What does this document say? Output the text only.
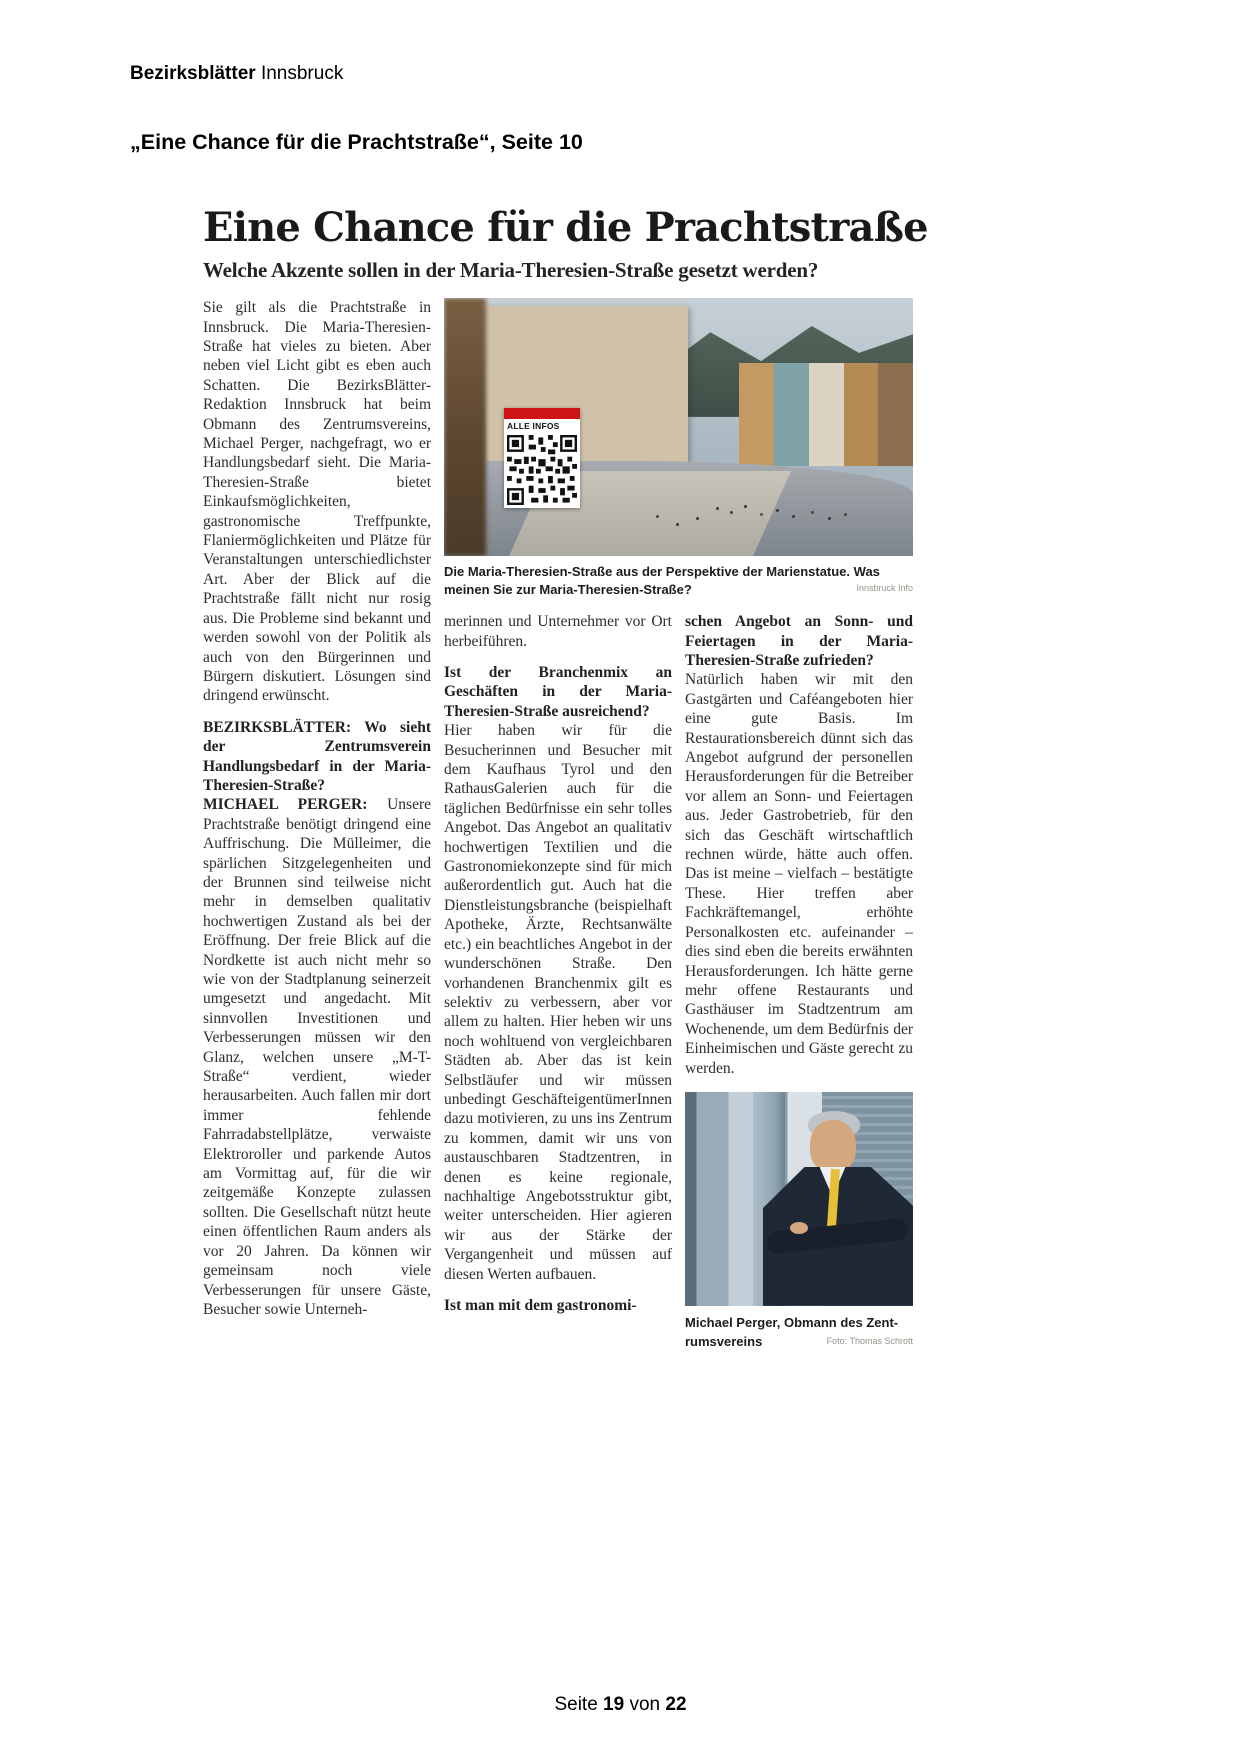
Bezirksblätter Innsbruck
„Eine Chance für die Prachtstraße“, Seite 10
Eine Chance für die Prachtstraße
Welche Akzente sollen in der Maria-Theresien-Straße gesetzt werden?

Sie gilt als die Prachtstraße in Innsbruck. Die Maria-Theresien-Straße hat vieles zu bieten. Aber neben viel Licht gibt es eben auch Schatten. Die BezirksBlätter-Redaktion Innsbruck hat beim Obmann des Zentrumsvereins, Michael Perger, nachgefragt, wo er Handlungsbedarf sieht. Die Maria-Theresien-Straße bietet Einkaufsmöglichkeiten, gastronomische Treffpunkte, Flaniermöglichkeiten und Plätze für Veranstaltungen unterschiedlichster Art. Aber der Blick auf die Prachtstraße fällt nicht nur rosig aus. Die Probleme sind bekannt und werden sowohl von der Politik als auch von den Bürgerinnen und Bürgern diskutiert. Lösungen sind dringend erwünscht.

BEZIRKSBLÄTTER: Wo sieht der Zentrumsverein Handlungsbedarf in der Maria-Theresien-Straße?

MICHAEL PERGER: Unsere Prachtstraße benötigt dringend eine Auffrischung. Die Mülleimer, die spärlichen Sitzgelegenheiten und der Brunnen sind teilweise nicht mehr in demselben qualitativ hochwertigen Zustand als bei der Eröffnung. Der freie Blick auf die Nordkette ist auch nicht mehr so wie von der Stadtplanung seinerzeit umgesetzt und angedacht. Mit sinnvollen Investitionen und Verbesserungen müssen wir den Glanz, welchen unsere „M-T-Straße“ verdient, wieder herausarbeiten. Auch fallen mir dort immer fehlende Fahrradabstellplätze, verwaiste Elektroroller und parkende Autos am Vormittag auf, für die wir zeitgemäße Konzepte zulassen sollten. Die Gesellschaft nützt heute einen öffentlichen Raum anders als vor 20 Jahren. Da können wir gemeinsam noch viele Verbesserungen für unsere Gäste, Besucher sowie Unterneh-

ALLE INFOS
Die Maria-Theresien-Straße aus der Perspektive der Marienstatue. Was
meinen Sie zur Maria-Theresien-Straße?	Innsbruck Info

merinnen und Unternehmer vor Ort herbeiführen.

Ist der Branchenmix an Geschäften in der Maria-Theresien-Straße ausreichend?

Hier haben wir für die Besucherinnen und Besucher mit dem Kaufhaus Tyrol und den RathausGalerien auch für die täglichen Bedürfnisse ein sehr tolles Angebot. Das Angebot an qualitativ hochwertigen Textilien und die Gastronomiekonzepte sind für mich außerordentlich gut. Auch hat die Dienstleistungsbranche (beispielhaft Apotheke, Ärzte, Rechtsanwälte etc.) ein beachtliches Angebot in der wunderschönen Straße. Den vorhandenen Branchenmix gilt es selektiv zu verbessern, aber vor allem zu halten. Hier heben wir uns noch wohltuend von vergleichbaren Städten ab. Aber das ist kein Selbstläufer und wir müssen unbedingt GeschäfteigentümerInnen dazu motivieren, zu uns ins Zentrum zu kommen, damit wir uns von austauschbaren Stadtzentren, in denen es keine regionale, nachhaltige Angebotsstruktur gibt, weiter unterscheiden. Hier agieren wir aus der Stärke der Vergangenheit und müssen auf diesen Werten aufbauen.

Ist man mit dem gastronomi-

schen Angebot an Sonn- und Feiertagen in der Maria-Theresien-Straße zufrieden?

Natürlich haben wir mit den Gastgärten und Caféangeboten hier eine gute Basis. Im Restaurationsbereich dünnt sich das Angebot aufgrund der personellen Herausforderungen für die Betreiber vor allem an Sonn- und Feiertagen aus. Jeder Gastrobetrieb, für den sich das Geschäft wirtschaftlich rechnen würde, hätte auch offen. Das ist meine – vielfach – bestätigte These. Hier treffen aber Fachkräftemangel, erhöhte Personalkosten etc. aufeinander – dies sind eben die bereits erwähnten Herausforderungen. Ich hätte gerne mehr offene Restaurants und Gasthäuser im Stadtzentrum am Wochenende, um dem Bedürfnis der Einheimischen und Gäste gerecht zu werden.

Michael Perger, Obmann des Zent-
rumsvereins	Foto: Thomas Schrott
Seite 19 von 22
